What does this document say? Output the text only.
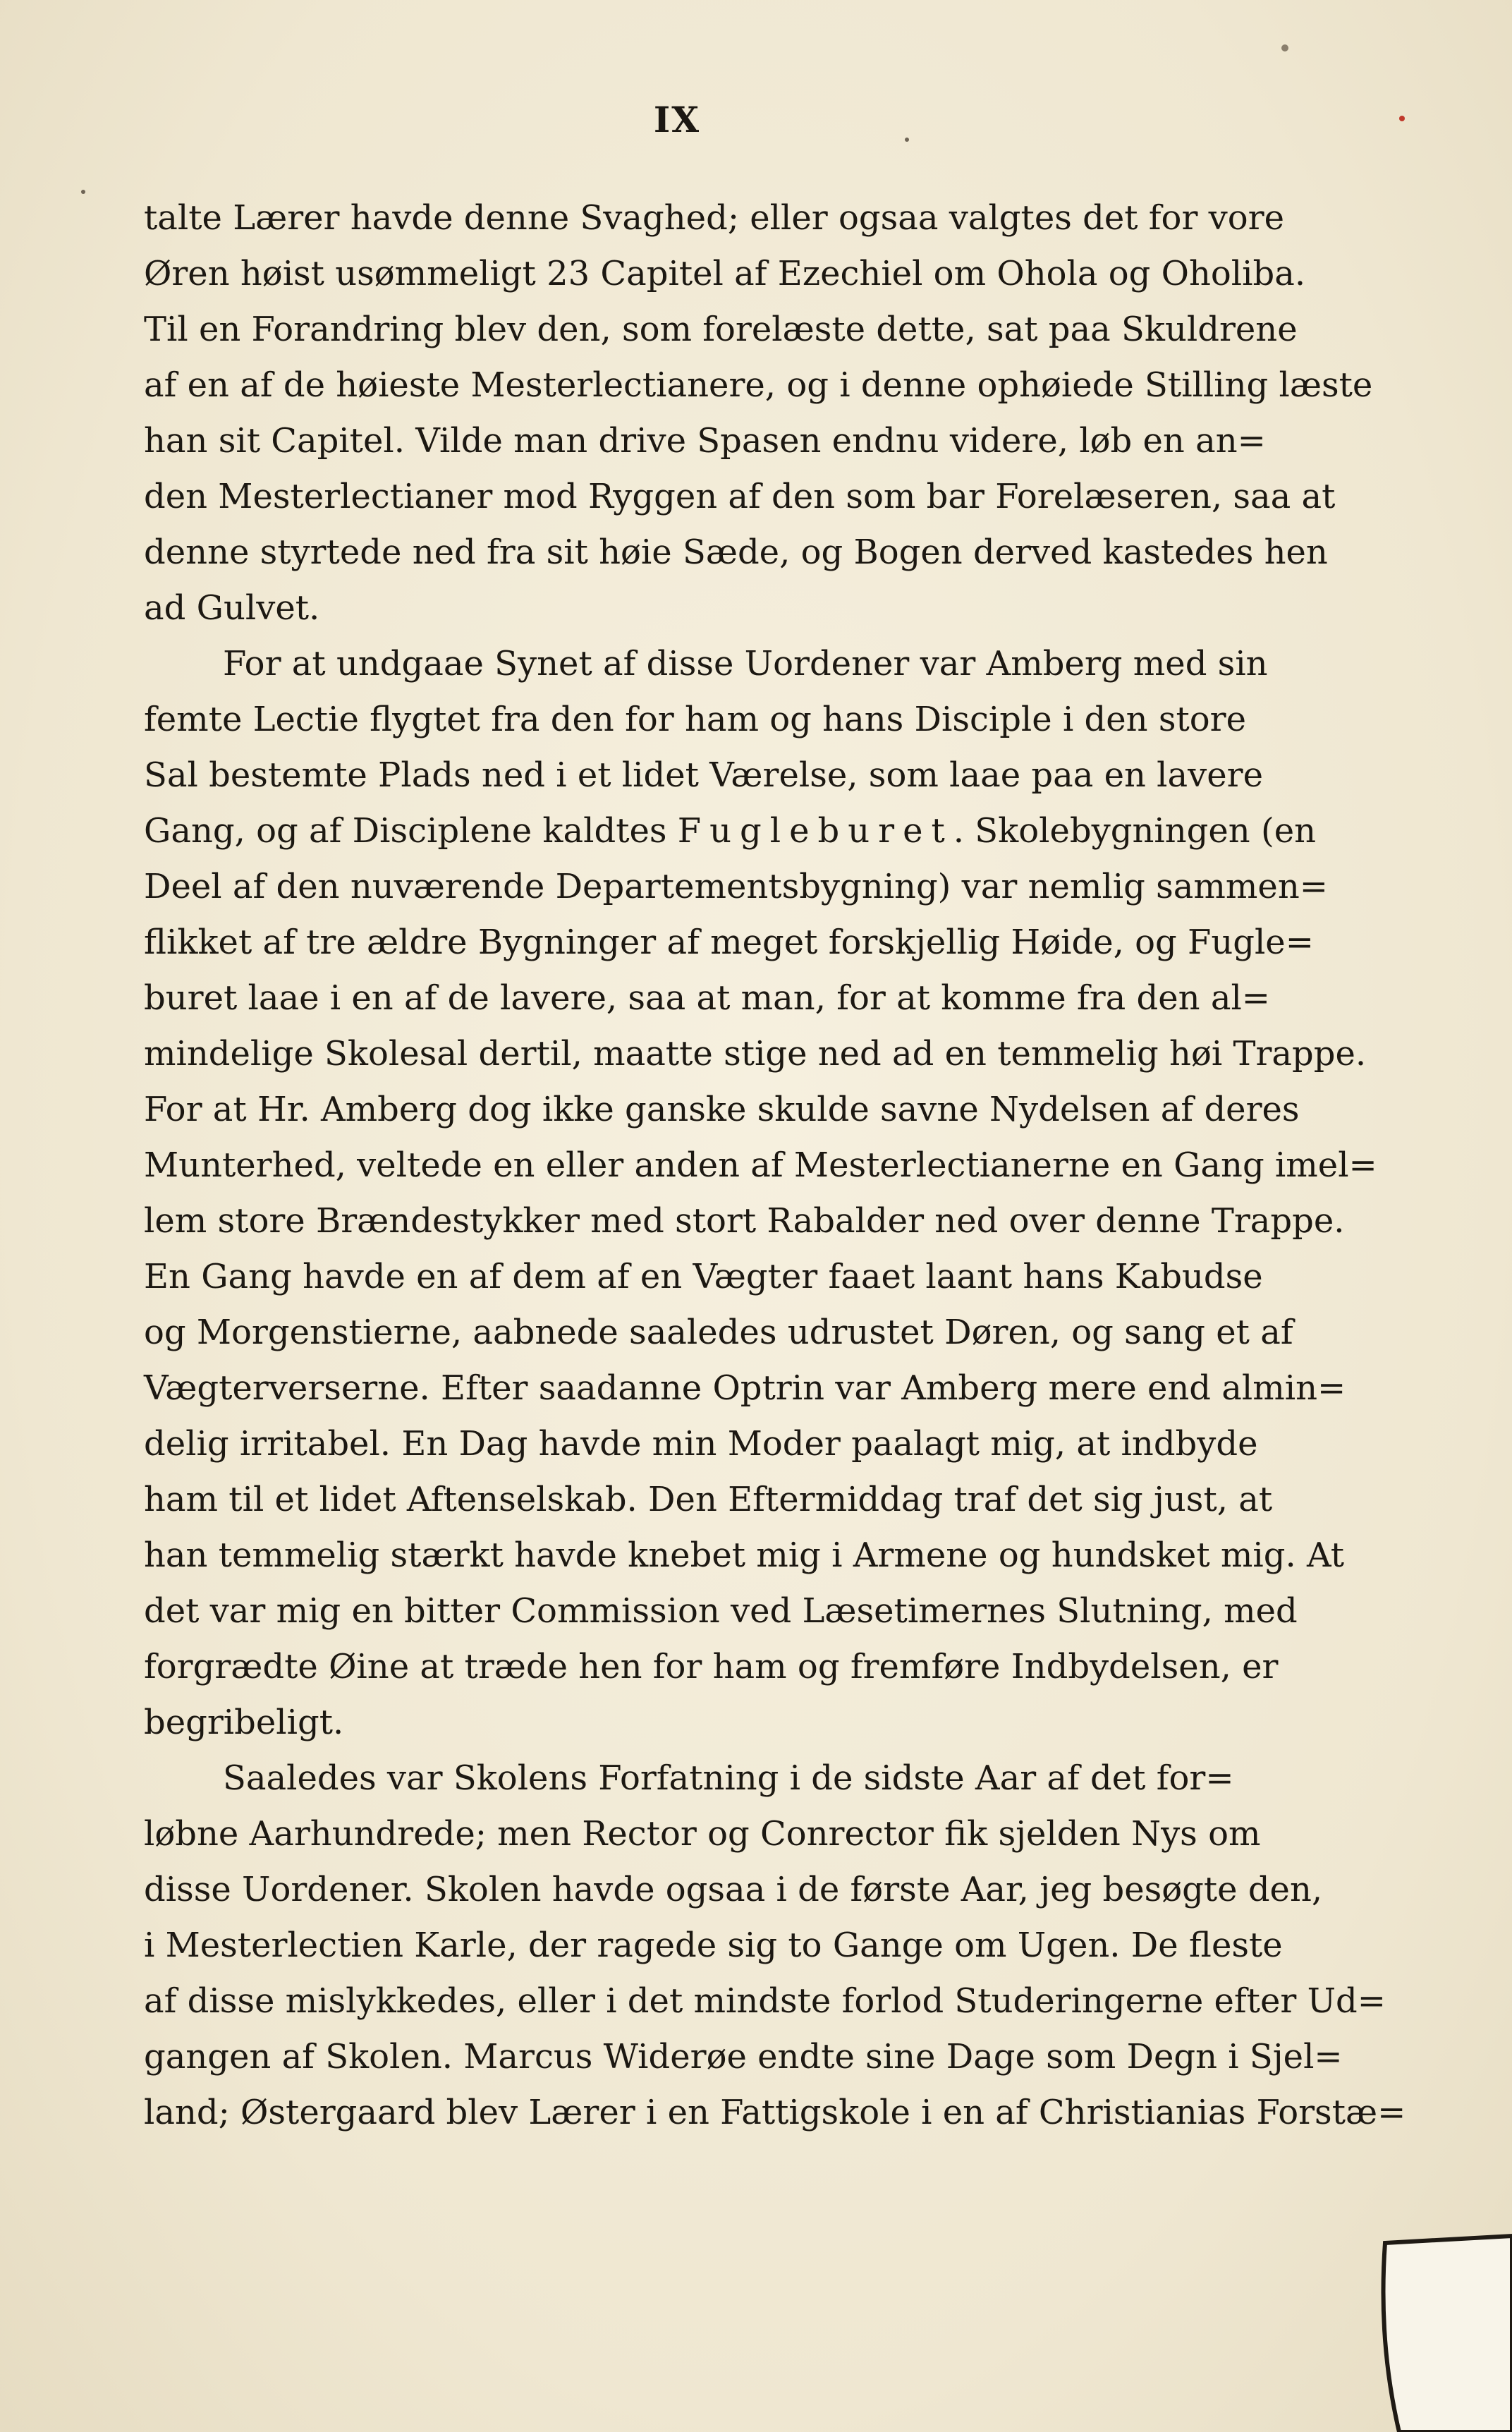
IX
talte Lærer havde denne Svaghed; eller ogsaa valgtes det for vore
Øren høist usømmeligt 23 Capitel af Ezechiel om Ohola og Oholiba.
Til en Forandring blev den, som forelæste dette, sat paa Skuldrene
af en af de høieste Mesterlectianere, og i denne ophøiede Stilling læste
han sit Capitel. Vilde man drive Spasen endnu videre, løb en an=
den Mesterlectianer mod Ryggen af den som bar Forelæseren, saa at
denne styrtede ned fra sit høie Sæde, og Bogen derved kastedes hen
ad Gulvet.
For at undgaae Synet af disse Uordener var Amberg med sin
femte Lectie flygtet fra den for ham og hans Disciple i den store
Sal bestemte Plads ned i et lidet Værelse, som laae paa en lavere
Gang, og af Disciplene kaldtes Fugleburet. Skolebygningen (en
Deel af den nuværende Departementsbygning) var nemlig sammen=
flikket af tre ældre Bygninger af meget forskjellig Høide, og Fugle=
buret laae i en af de lavere, saa at man, for at komme fra den al=
mindelige Skolesal dertil, maatte stige ned ad en temmelig høi Trappe.
For at Hr. Amberg dog ikke ganske skulde savne Nydelsen af deres
Munterhed, veltede en eller anden af Mesterlectianerne en Gang imel=
lem store Brændestykker med stort Rabalder ned over denne Trappe.
En Gang havde en af dem af en Vægter faaet laant hans Kabudse
og Morgenstierne, aabnede saaledes udrustet Døren, og sang et af
Vægterverserne. Efter saadanne Optrin var Amberg mere end almin=
delig irritabel. En Dag havde min Moder paalagt mig, at indbyde
ham til et lidet Aftenselskab. Den Eftermiddag traf det sig just, at
han temmelig stærkt havde knebet mig i Armene og hundsket mig. At
det var mig en bitter Commission ved Læsetimernes Slutning, med
forgrædte Øine at træde hen for ham og fremføre Indbydelsen, er
begribeligt.
Saaledes var Skolens Forfatning i de sidste Aar af det for=
løbne Aarhundrede; men Rector og Conrector fik sjelden Nys om
disse Uordener. Skolen havde ogsaa i de første Aar, jeg besøgte den,
i Mesterlectien Karle, der ragede sig to Gange om Ugen. De fleste
af disse mislykkedes, eller i det mindste forlod Studeringerne efter Ud=
gangen af Skolen. Marcus Widerøe endte sine Dage som Degn i Sjel=
land; Østergaard blev Lærer i en Fattigskole i en af Christianias Forstæ=
